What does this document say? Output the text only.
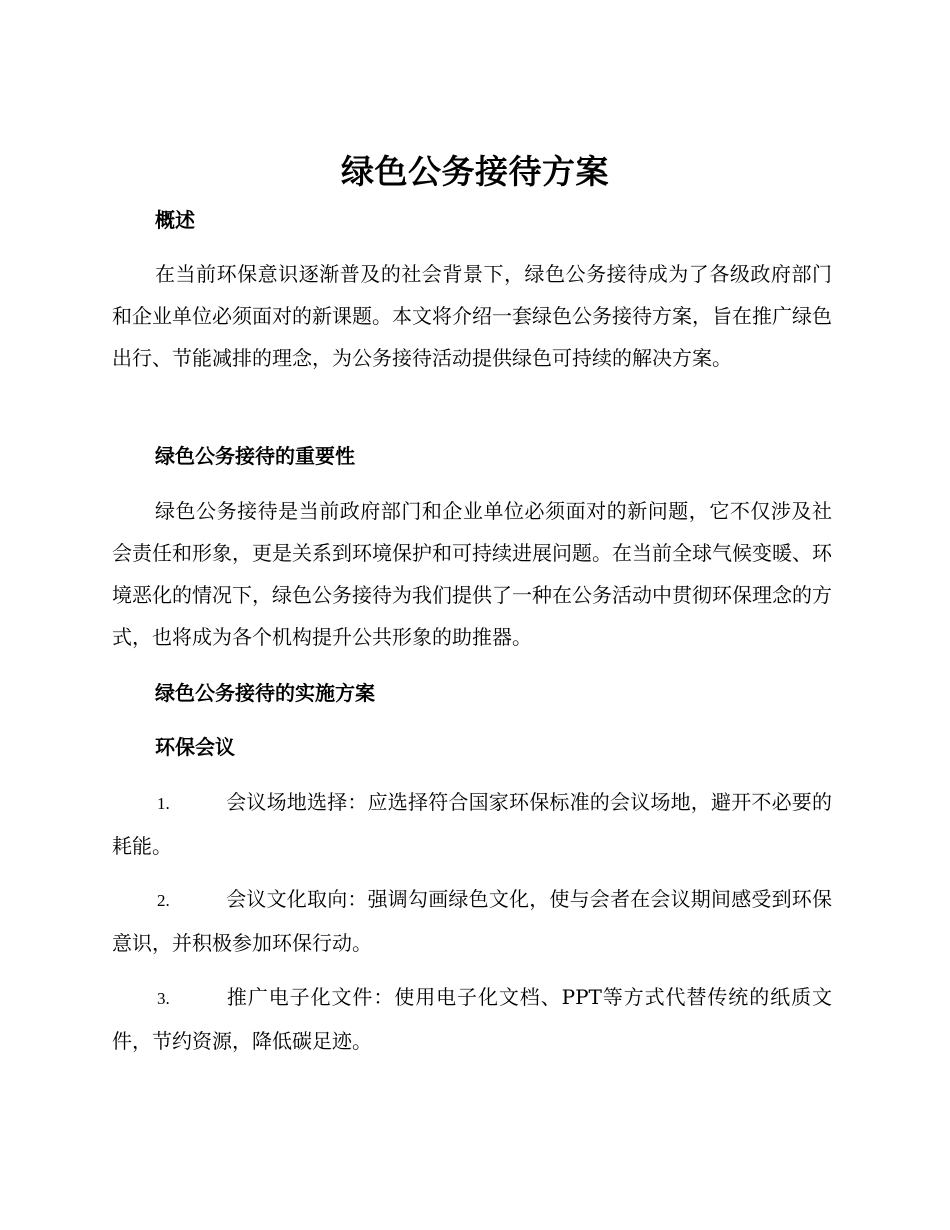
绿色公务接待方案
概述

在当前环保意识逐渐普及的社会背景下，绿色公务接待成为了各级政府部门和企业单位必须面对的新课题。本文将介绍一套绿色公务接待方案，旨在推广绿色出行、节能减排的理念，为公务接待活动提供绿色可持续的解决方案。

绿色公务接待的重要性

绿色公务接待是当前政府部门和企业单位必须面对的新问题，它不仅涉及社会责任和形象，更是关系到环境保护和可持续进展问题。在当前全球气候变暖、环境恶化的情况下，绿色公务接待为我们提供了一种在公务活动中贯彻环保理念的方式，也将成为各个机构提升公共形象的助推器。

绿色公务接待的实施方案
环保会议

1.	会议场地选择：应选择符合国家环保标准的会议场地，避开不必要的耗能。

2.	会议文化取向：强调勾画绿色文化，使与会者在会议期间感受到环保意识，并积极参加环保行动。

3.	推广电子化文件：使用电子化文档、PPT等方式代替传统的纸质文件，节约资源，降低碳足迹。
